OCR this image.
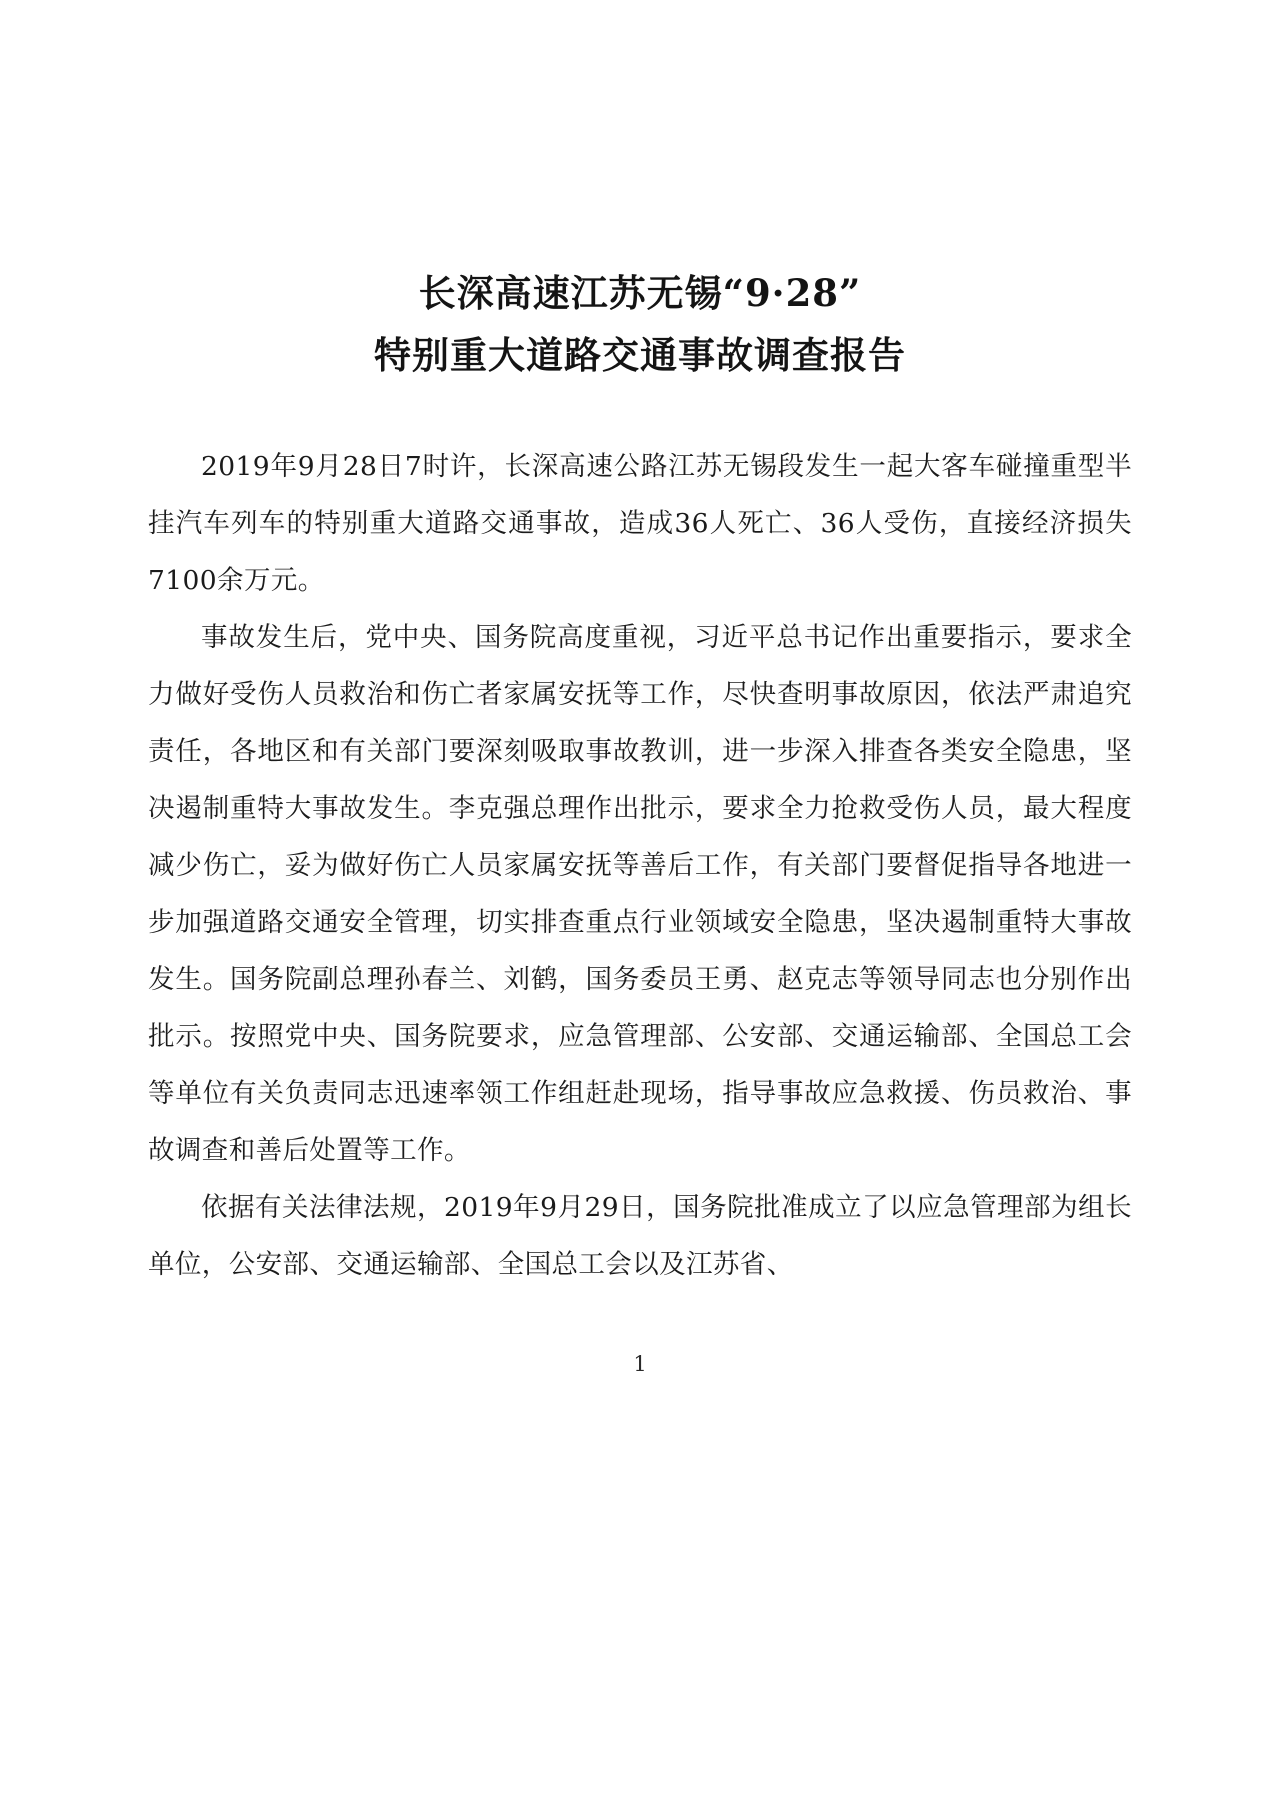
长深高速江苏无锡“9·28”
特别重大道路交通事故调查报告

2019年9月28日7时许，长深高速公路江苏无锡段发生一起大客车碰撞重型半挂汽车列车的特别重大道路交通事故，造成36人死亡、36人受伤，直接经济损失7100余万元。

事故发生后，党中央、国务院高度重视，习近平总书记作出重要指示，要求全力做好受伤人员救治和伤亡者家属安抚等工作，尽快查明事故原因，依法严肃追究责任，各地区和有关部门要深刻吸取事故教训，进一步深入排查各类安全隐患，坚决遏制重特大事故发生。李克强总理作出批示，要求全力抢救受伤人员，最大程度减少伤亡，妥为做好伤亡人员家属安抚等善后工作，有关部门要督促指导各地进一步加强道路交通安全管理，切实排查重点行业领域安全隐患，坚决遏制重特大事故发生。国务院副总理孙春兰、刘鹤，国务委员王勇、赵克志等领导同志也分别作出批示。按照党中央、国务院要求，应急管理部、公安部、交通运输部、全国总工会等单位有关负责同志迅速率领工作组赶赴现场，指导事故应急救援、伤员救治、事故调查和善后处置等工作。

依据有关法律法规，2019年9月29日，国务院批准成立了以应急管理部为组长单位，公安部、交通运输部、全国总工会以及江苏省、

1
